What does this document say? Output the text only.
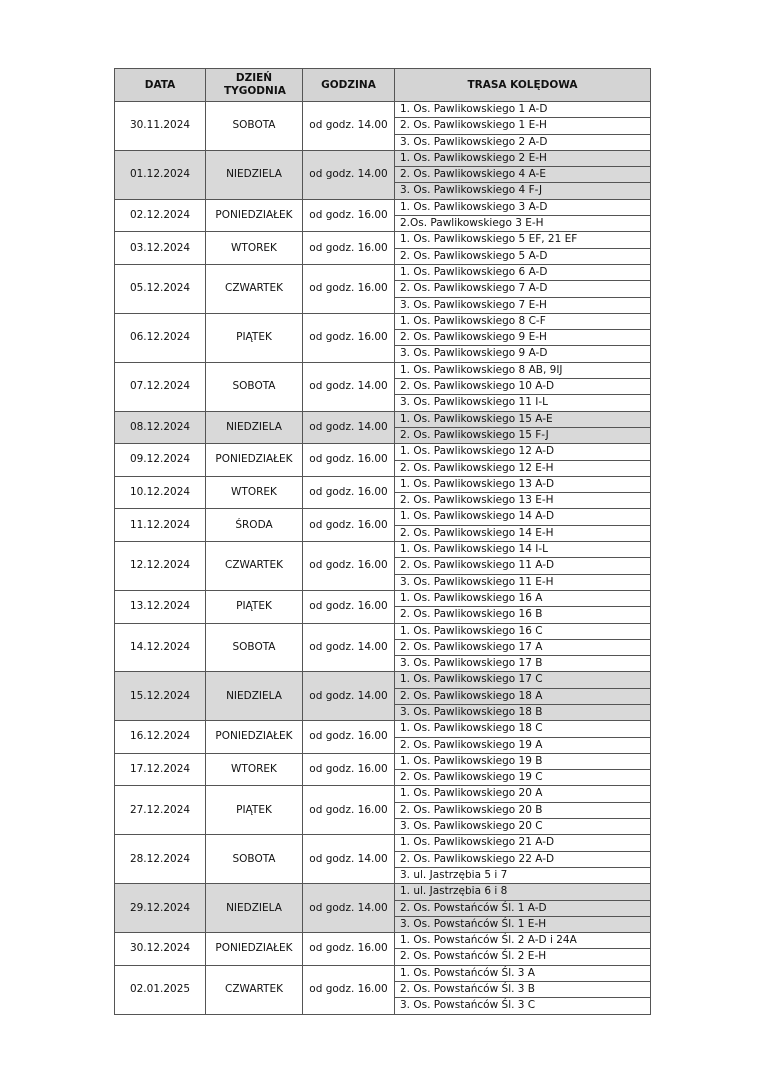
DATA	DZIEŃ TYGODNIA	GODZINA	TRASA KOLĘDOWA
30.11.2024	SOBOTA	od godz. 14.00	1. Os. Pawlikowskiego 1 A-D
			2. Os. Pawlikowskiego 1 E-H
			3. Os. Pawlikowskiego 2 A-D
01.12.2024	NIEDZIELA	od godz. 14.00	1. Os. Pawlikowskiego 2 E-H
			2. Os. Pawlikowskiego 4 A-E
			3. Os. Pawlikowskiego 4 F-J
02.12.2024	PONIEDZIAŁEK	od godz. 16.00	1. Os. Pawlikowskiego 3 A-D
			2.Os. Pawlikowskiego 3 E-H
03.12.2024	WTOREK	od godz. 16.00	1. Os. Pawlikowskiego 5 EF, 21 EF
			2. Os. Pawlikowskiego 5 A-D
05.12.2024	CZWARTEK	od godz. 16.00	1. Os. Pawlikowskiego 6 A-D
			2. Os. Pawlikowskiego 7 A-D
			3. Os. Pawlikowskiego 7 E-H
06.12.2024	PIĄTEK	od godz. 16.00	1. Os. Pawlikowskiego 8 C-F
			2. Os. Pawlikowskiego 9 E-H
			3. Os. Pawlikowskiego 9 A-D
07.12.2024	SOBOTA	od godz. 14.00	1. Os. Pawlikowskiego 8 AB, 9IJ
			2. Os. Pawlikowskiego 10 A-D
			3. Os. Pawlikowskiego 11 I-L
08.12.2024	NIEDZIELA	od godz. 14.00	1. Os. Pawlikowskiego 15 A-E
			2. Os. Pawlikowskiego 15 F-J
09.12.2024	PONIEDZIAŁEK	od godz. 16.00	1. Os. Pawlikowskiego 12 A-D
			2. Os. Pawlikowskiego 12 E-H
10.12.2024	WTOREK	od godz. 16.00	1. Os. Pawlikowskiego 13 A-D
			2. Os. Pawlikowskiego 13 E-H
11.12.2024	ŚRODA	od godz. 16.00	1. Os. Pawlikowskiego 14 A-D
			2. Os. Pawlikowskiego 14 E-H
12.12.2024	CZWARTEK	od godz. 16.00	1. Os. Pawlikowskiego 14 I-L
			2. Os. Pawlikowskiego 11 A-D
			3. Os. Pawlikowskiego 11 E-H
13.12.2024	PIĄTEK	od godz. 16.00	1. Os. Pawlikowskiego 16 A
			2. Os. Pawlikowskiego 16 B
14.12.2024	SOBOTA	od godz. 14.00	1. Os. Pawlikowskiego 16 C
			2. Os. Pawlikowskiego 17 A
			3. Os. Pawlikowskiego 17 B
15.12.2024	NIEDZIELA	od godz. 14.00	1. Os. Pawlikowskiego 17 C
			2. Os. Pawlikowskiego 18 A
			3. Os. Pawlikowskiego 18 B
16.12.2024	PONIEDZIAŁEK	od godz. 16.00	1. Os. Pawlikowskiego 18 C
			2. Os. Pawlikowskiego 19 A
17.12.2024	WTOREK	od godz. 16.00	1. Os. Pawlikowskiego 19 B
			2. Os. Pawlikowskiego 19 C
27.12.2024	PIĄTEK	od godz. 16.00	1. Os. Pawlikowskiego 20 A
			2. Os. Pawlikowskiego 20 B
			3. Os. Pawlikowskiego 20 C
28.12.2024	SOBOTA	od godz. 14.00	1. Os. Pawlikowskiego 21 A-D
			2. Os. Pawlikowskiego 22 A-D
			3. ul. Jastrzębia 5 i 7
29.12.2024	NIEDZIELA	od godz. 14.00	1. ul. Jastrzębia 6 i 8
			2. Os. Powstańców Śl. 1 A-D
			3. Os. Powstańców Śl. 1 E-H
30.12.2024	PONIEDZIAŁEK	od godz. 16.00	1. Os. Powstańców Śl. 2 A-D i 24A
			2. Os. Powstańców Śl. 2 E-H
02.01.2025	CZWARTEK	od godz. 16.00	1. Os. Powstańców Śl. 3 A
			2. Os. Powstańców Śl. 3 B
			3. Os. Powstańców Śl. 3 C
